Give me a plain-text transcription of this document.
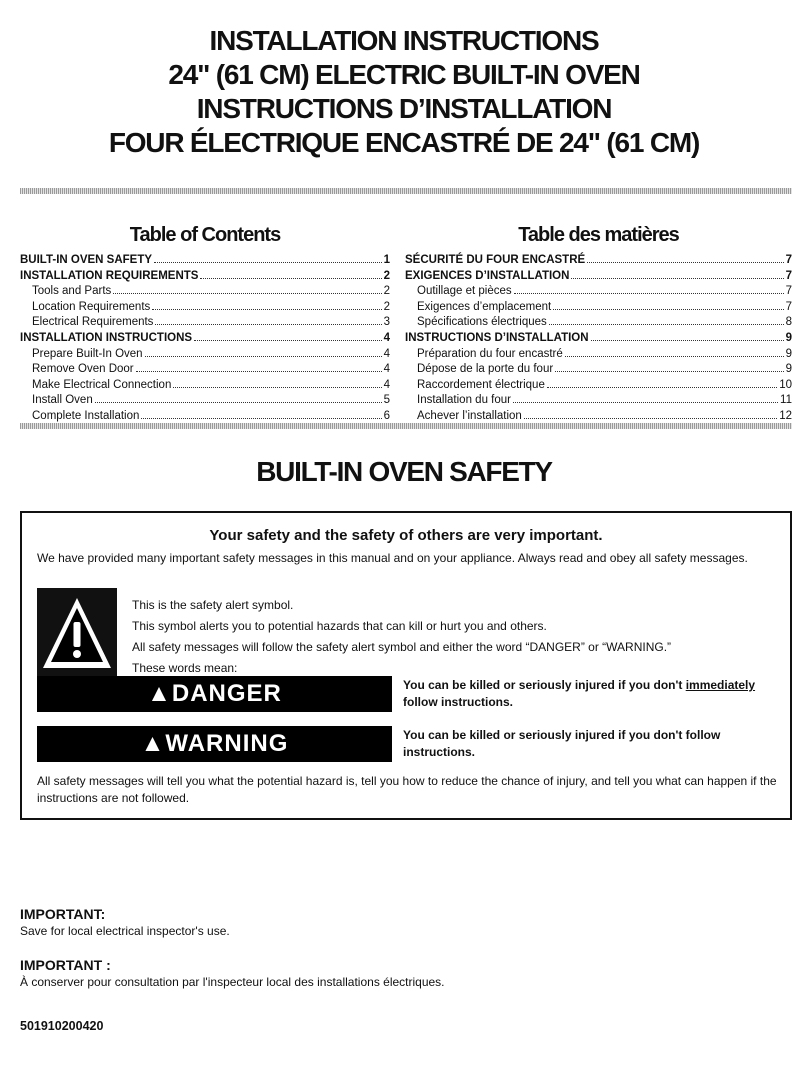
INSTALLATION INSTRUCTIONS
24" (61 CM) ELECTRIC BUILT-IN OVEN
INSTRUCTIONS D’INSTALLATION
FOUR ÉLECTRIQUE ENCASTRÉ DE 24" (61 CM)
Table of Contents
BUILT-IN OVEN SAFETY	1
INSTALLATION REQUIREMENTS	2
Tools and Parts	2
Location Requirements	2
Electrical Requirements	3
INSTALLATION INSTRUCTIONS	4
Prepare Built-In Oven	4
Remove Oven Door	4
Make Electrical Connection	4
Install Oven	5
Complete Installation	6
Table des matières
SÉCURITÉ DU FOUR ENCASTRÉ	7
EXIGENCES D’INSTALLATION	7
Outillage et pièces	7
Exigences d’emplacement	7
Spécifications électriques	8
INSTRUCTIONS D’INSTALLATION	9
Préparation du four encastré	9
Dépose de la porte du four	9
Raccordement électrique	10
Installation du four	11
Achever l’installation	12
BUILT-IN OVEN SAFETY
Your safety and the safety of others are very important.
We have provided many important safety messages in this manual and on your appliance. Always read and obey all safety messages.
This is the safety alert symbol.
This symbol alerts you to potential hazards that can kill or hurt you and others.
All safety messages will follow the safety alert symbol and either the word “DANGER” or “WARNING.”
These words mean:
▲DANGER	You can be killed or seriously injured if you don't immediately follow instructions.
▲WARNING	You can be killed or seriously injured if you don't follow instructions.
All safety messages will tell you what the potential hazard is, tell you how to reduce the chance of injury, and tell you what can happen if the instructions are not followed.
IMPORTANT:
Save for local electrical inspector's use.
IMPORTANT :
À conserver pour consultation par l'inspecteur local des installations électriques.
501910200420
